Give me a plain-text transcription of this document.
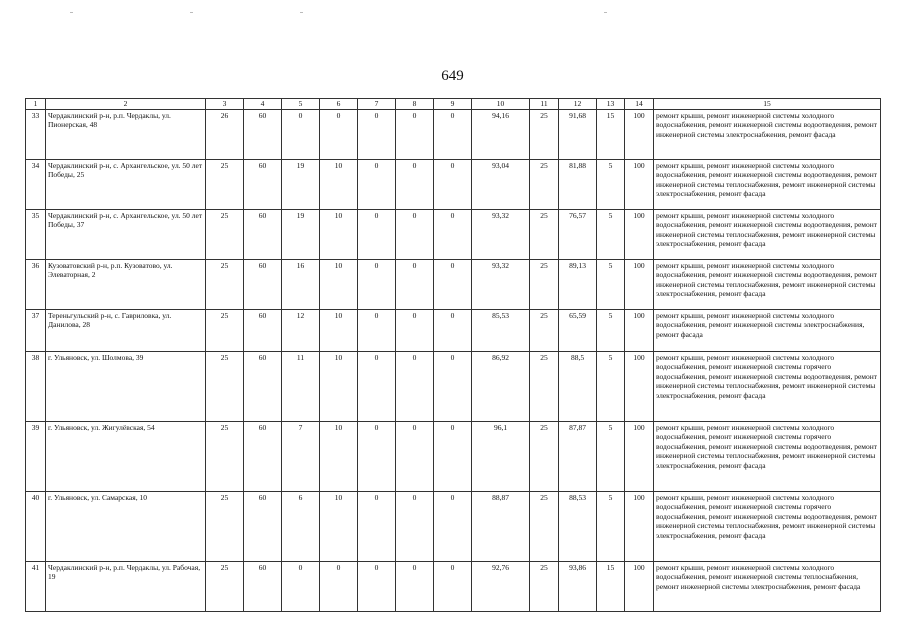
649
1	2	3	4	5	6	7	8	9	10	11	12	13	14	15
33	Чердаклинский р-н, р.п. Чердаклы, ул. Пионерская, 48	26	60	0	0	0	0	0	94,16	25	91,68	15	100	ремонт крыши, ремонт инженерной системы холодного водоснабжения, ремонт инженерной системы водоотведения, ремонт инженерной системы электроснабжения, ремонт фасада
34	Чердаклинский р-н, с. Архангельское, ул. 50 лет Победы, 25	25	60	19	10	0	0	0	93,04	25	81,88	5	100	ремонт крыши, ремонт инженерной системы холодного водоснабжения, ремонт инженерной системы водоотведения, ремонт инженерной системы теплоснабжения, ремонт инженерной системы электроснабжения, ремонт фасада
35	Чердаклинский р-н, с. Архангельское, ул. 50 лет Победы, 37	25	60	19	10	0	0	0	93,32	25	76,57	5	100	ремонт крыши, ремонт инженерной системы холодного водоснабжения, ремонт инженерной системы водоотведения, ремонт инженерной системы теплоснабжения, ремонт инженерной системы электроснабжения, ремонт фасада
36	Кузоватовский р-н, р.п. Кузоватово, ул. Элеваторная, 2	25	60	16	10	0	0	0	93,32	25	89,13	5	100	ремонт крыши, ремонт инженерной системы холодного водоснабжения, ремонт инженерной системы водоотведения, ремонт инженерной системы теплоснабжения, ремонт инженерной системы электроснабжения, ремонт фасада
37	Тереньгульский р-н, с. Гавриловка, ул. Данилова, 28	25	60	12	10	0	0	0	85,53	25	65,59	5	100	ремонт крыши, ремонт инженерной системы холодного водоснабжения, ремонт инженерной системы электроснабжения, ремонт фасада
38	г. Ульяновск, ул. Шолмова, 39	25	60	11	10	0	0	0	86,92	25	88,5	5	100	ремонт крыши, ремонт инженерной системы холодного водоснабжения, ремонт инженерной системы горячего водоснабжения, ремонт инженерной системы водоотведения, ремонт инженерной системы теплоснабжения, ремонт инженерной системы электроснабжения, ремонт фасада
39	г. Ульяновск, ул. Жигулёвская, 54	25	60	7	10	0	0	0	96,1	25	87,87	5	100	ремонт крыши, ремонт инженерной системы холодного водоснабжения, ремонт инженерной системы горячего водоснабжения, ремонт инженерной системы водоотведения, ремонт инженерной системы теплоснабжения, ремонт инженерной системы электроснабжения, ремонт фасада
40	г. Ульяновск, ул. Самарская, 10	25	60	6	10	0	0	0	88,87	25	88,53	5	100	ремонт крыши, ремонт инженерной системы холодного водоснабжения, ремонт инженерной системы горячего водоснабжения, ремонт инженерной системы водоотведения, ремонт инженерной системы теплоснабжения, ремонт инженерной системы электроснабжения, ремонт фасада
41	Чердаклинский р-н, р.п. Чердаклы, ул. Рабочая, 19	25	60	0	0	0	0	0	92,76	25	93,86	15	100	ремонт крыши, ремонт инженерной системы холодного водоснабжения, ремонт инженерной системы теплоснабжения, ремонт инженерной системы электроснабжения, ремонт фасада
